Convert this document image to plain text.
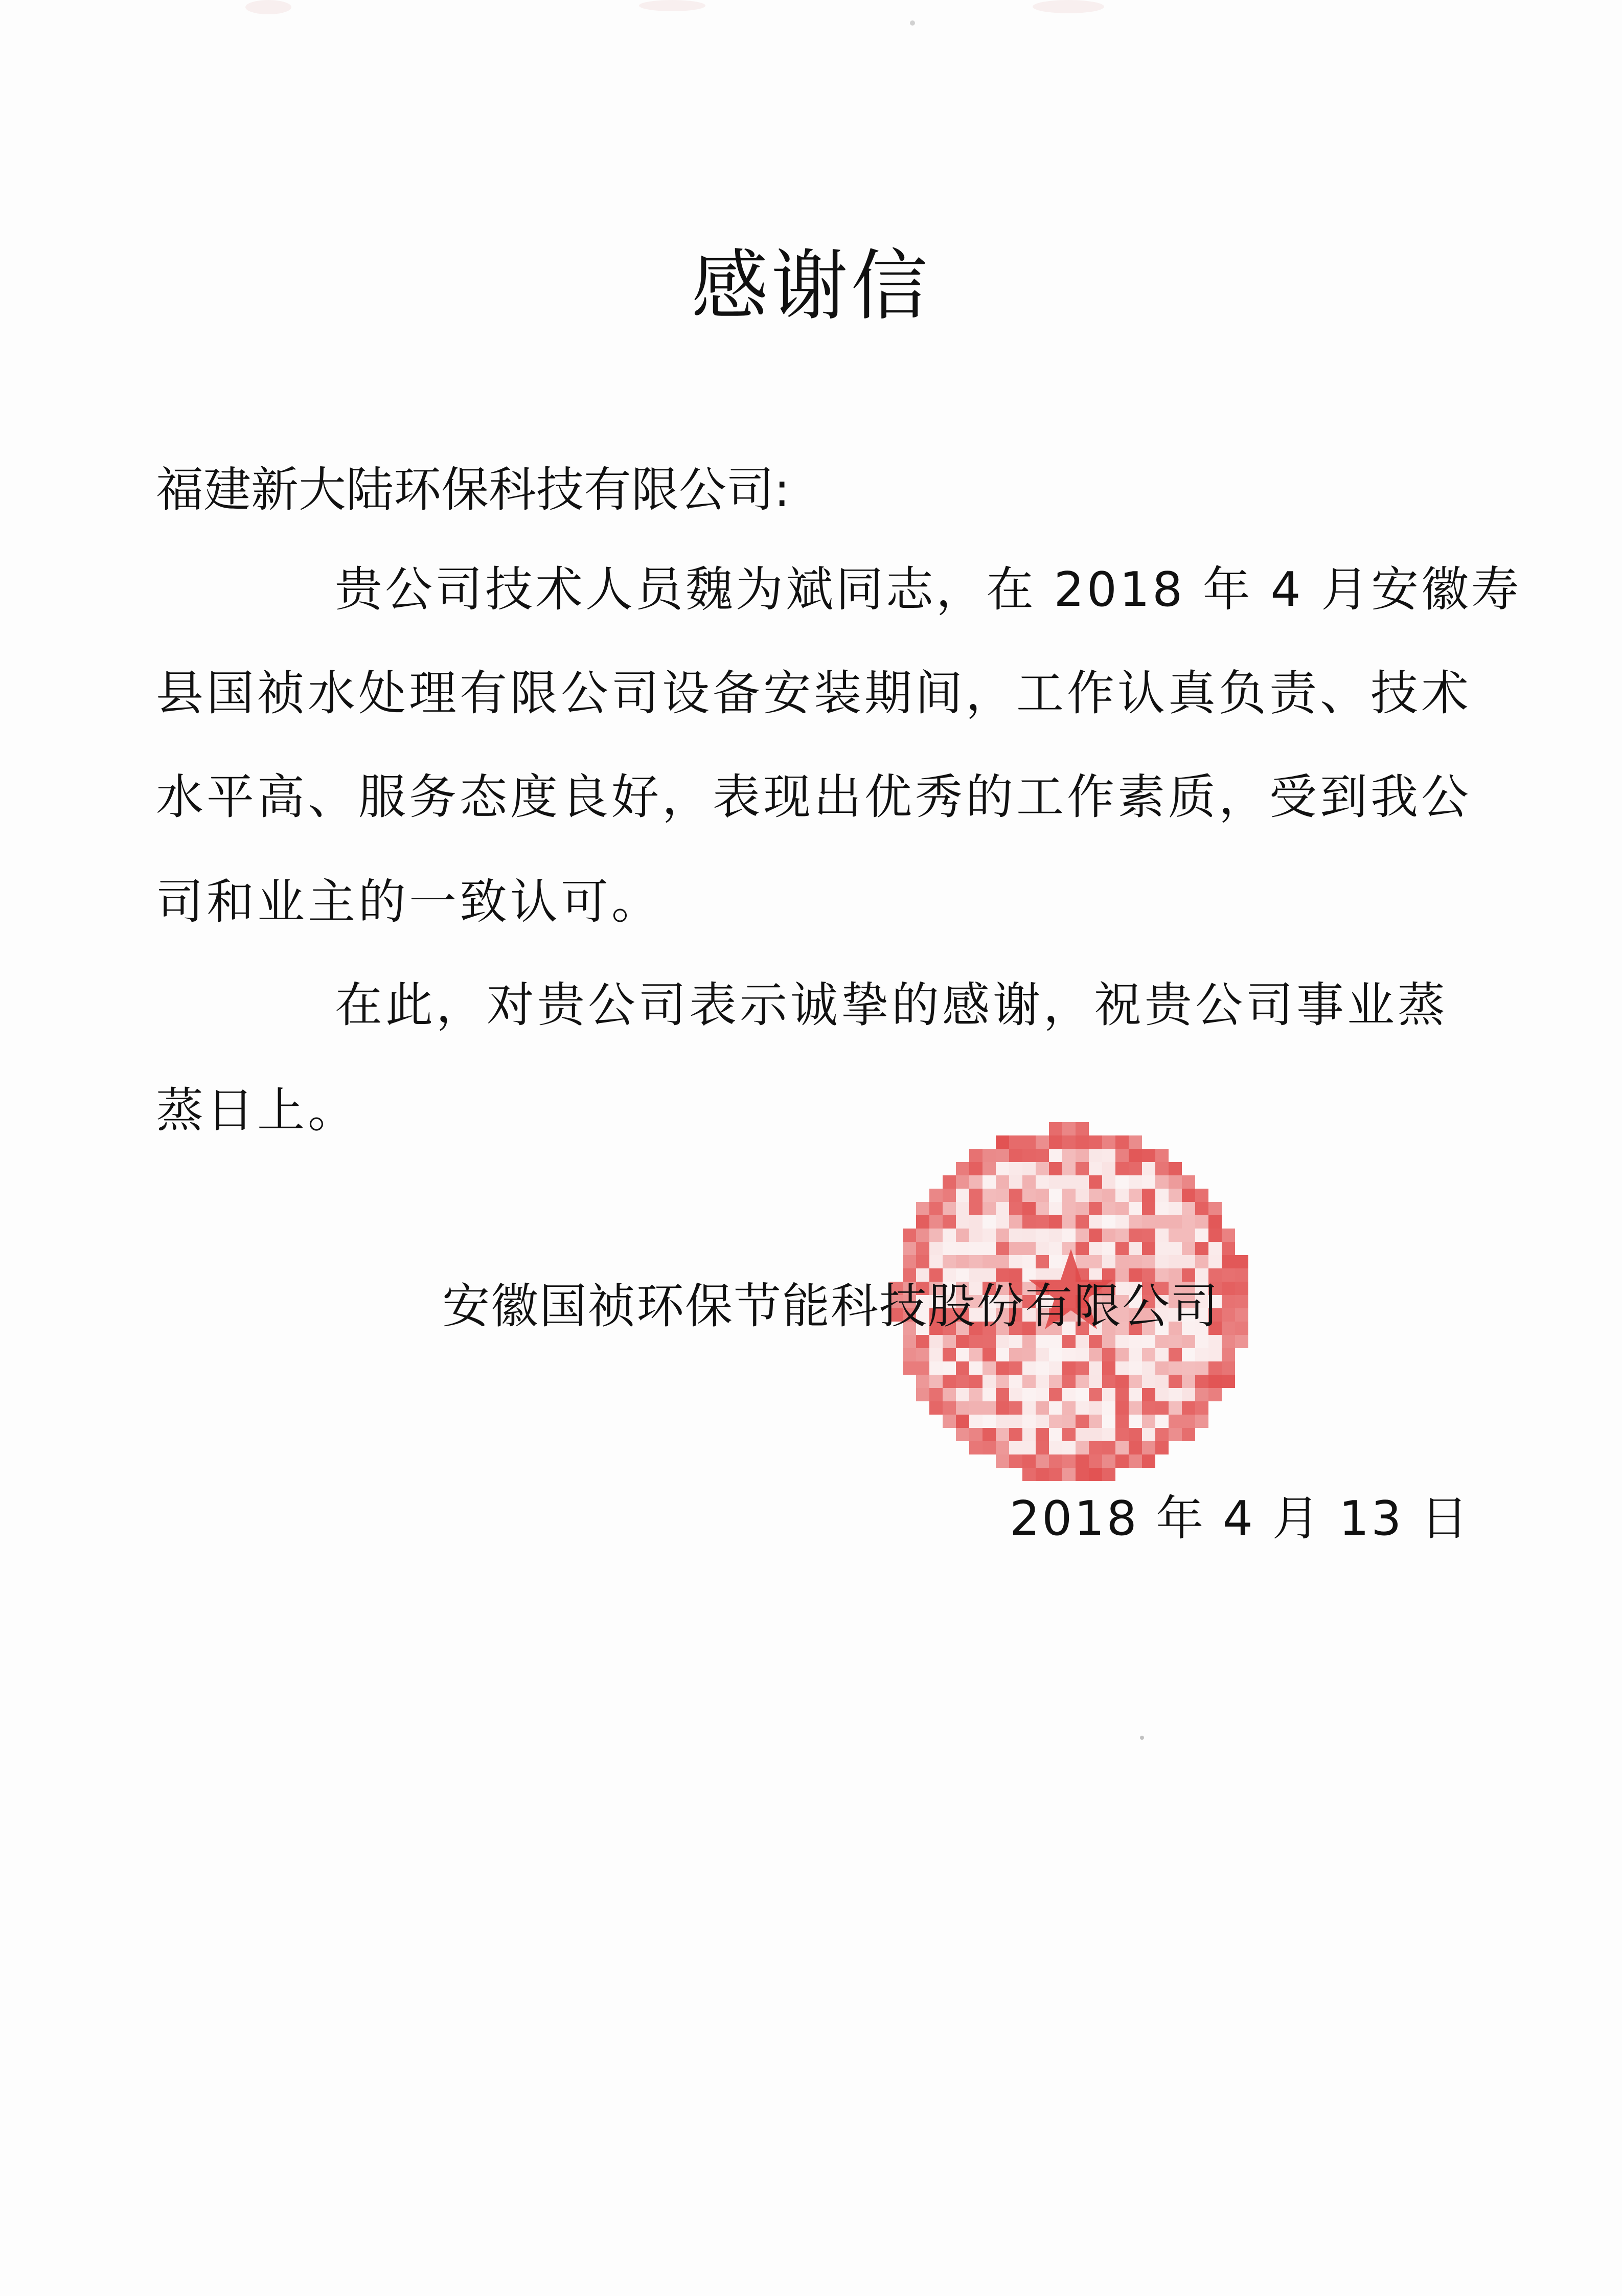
感谢信
福建新大陆环保科技有限公司:
贵公司技术人员魏为斌同志，在 2018 年 4 月安徽寿
县国祯水处理有限公司设备安装期间，工作认真负责、技术
水平高、服务态度良好，表现出优秀的工作素质，受到我公
司和业主的一致认可。
在此，对贵公司表示诚挚的感谢，祝贵公司事业蒸
蒸日上。
安徽国祯环保节能科技股份有限公司
2018 年 4 月 13 日
